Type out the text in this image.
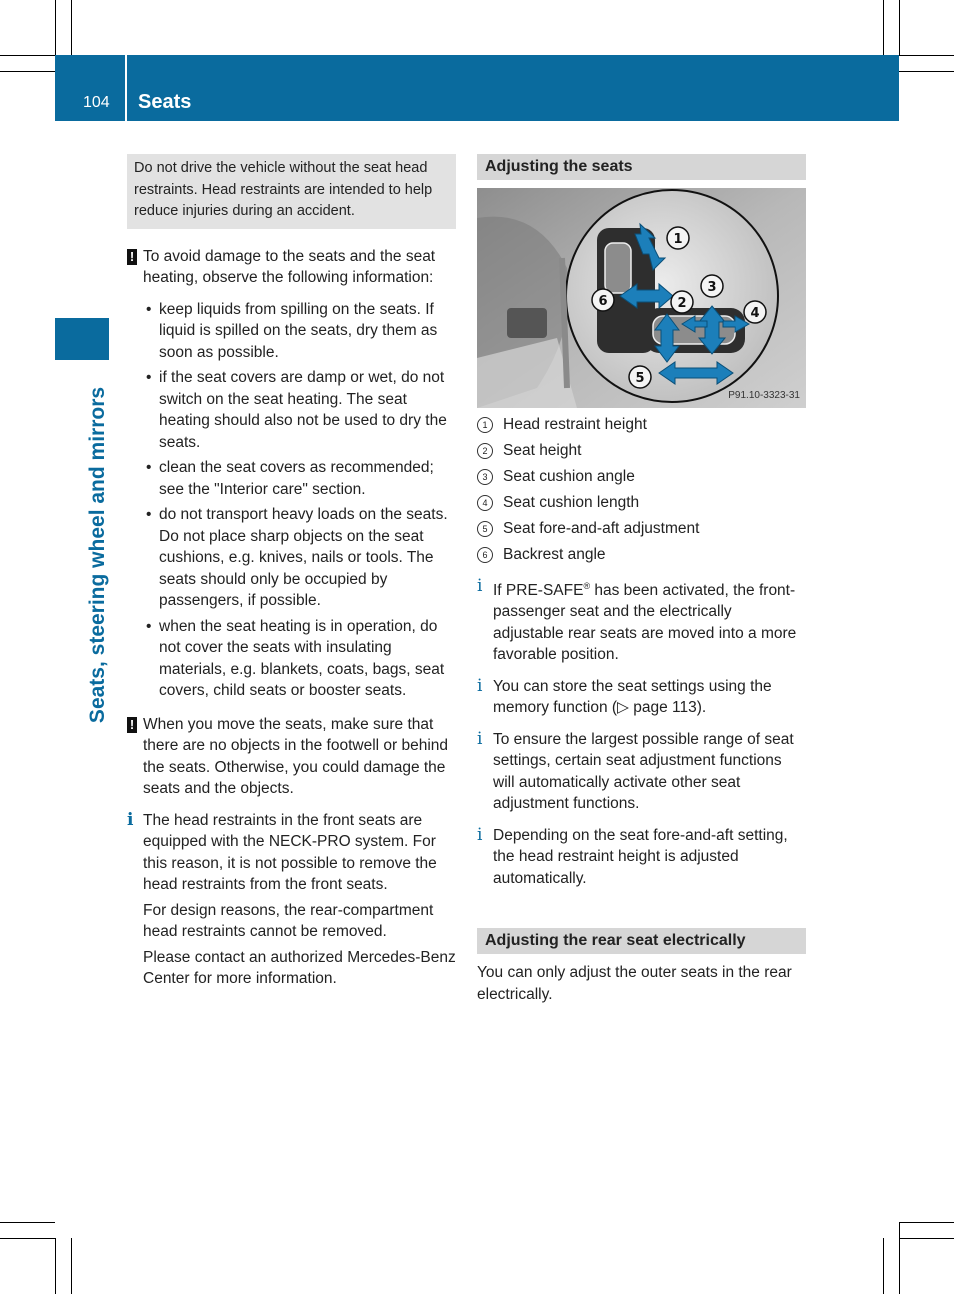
104 Seats
Seats, steering wheel and mirrors
Do not drive the vehicle without the seat head restraints. Head restraints are intended to help reduce injuries during an accident.
! To avoid damage to the seats and the seat heating, observe the following information:
• keep liquids from spilling on the seats. If liquid is spilled on the seats, dry them as soon as possible.
• if the seat covers are damp or wet, do not switch on the seat heating. The seat heating should also not be used to dry the seats.
• clean the seat covers as recommended; see the "Interior care" section.
• do not transport heavy loads on the seats. Do not place sharp objects on the seat cushions, e.g. knives, nails or tools. The seats should only be occupied by passengers, if possible.
• when the seat heating is in operation, do not cover the seats with insulating materials, e.g. blankets, coats, bags, seat covers, child seats or booster seats.
! When you move the seats, make sure that there are no objects in the footwell or behind the seats. Otherwise, you could damage the seats and the objects.
i The head restraints in the front seats are equipped with the NECK-PRO system. For this reason, it is not possible to remove the head restraints from the front seats.
For design reasons, the rear-compartment head restraints cannot be removed.
Please contact an authorized Mercedes-Benz Center for more information.
Adjusting the seats
1
2
3
4
5
6
P91.10-3323-31
1	Head restraint height
2	Seat height
3	Seat cushion angle
4	Seat cushion length
5	Seat fore-and-aft adjustment
6	Backrest angle
i If PRE-SAFE® has been activated, the front-passenger seat and the electrically adjustable rear seats are moved into a more favorable position.
i You can store the seat settings using the memory function (▷ page 113).
i To ensure the largest possible range of seat settings, certain seat adjustment functions will automatically activate other seat adjustment functions.
i Depending on the seat fore-and-aft setting, the head restraint height is adjusted automatically.
Adjusting the rear seat electrically
You can only adjust the outer seats in the rear electrically.
